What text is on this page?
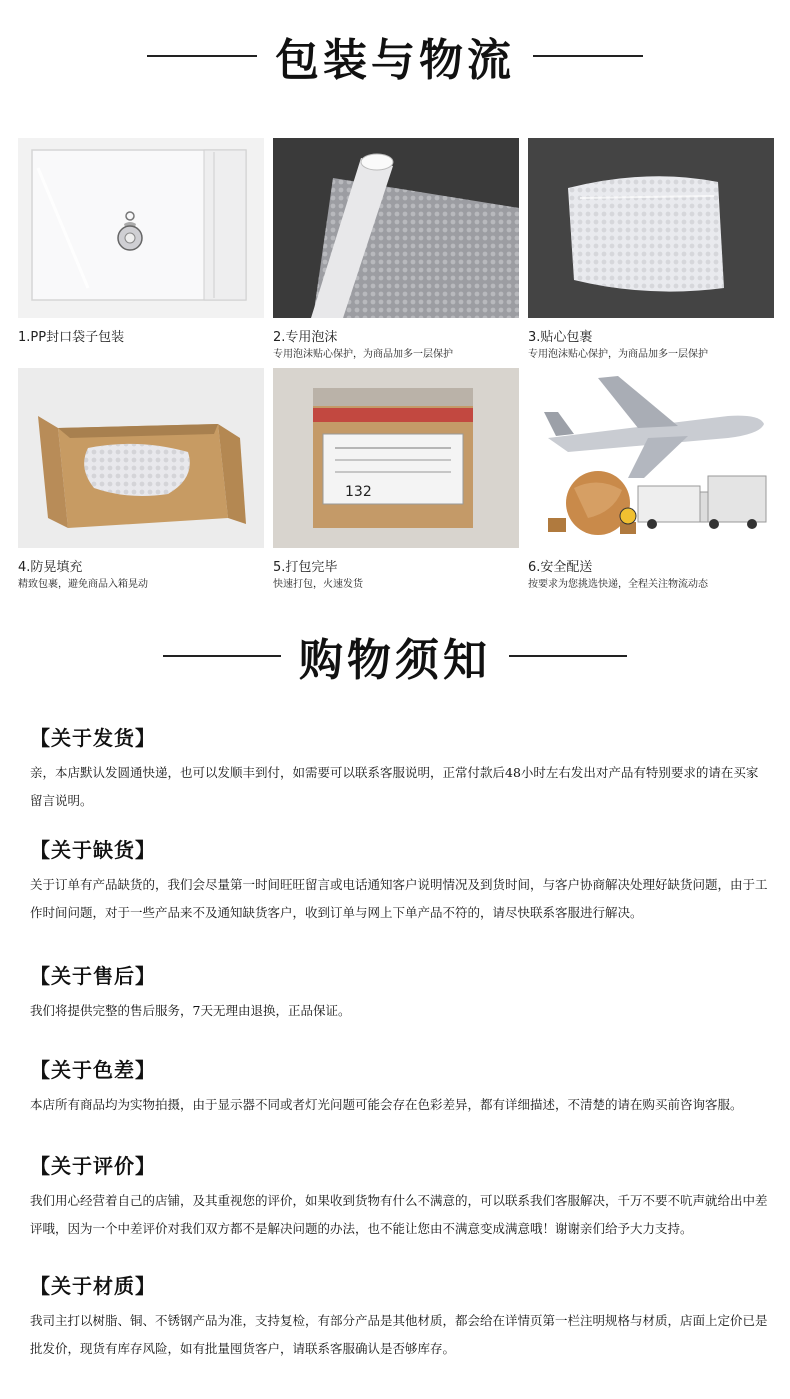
包装与物流
1.PP封口袋子包装	2.专用泡沫
专用泡沫贴心保护，为商品加多一层保护
3.贴心包裹
专用泡沫贴心保护，为商品加多一层保护
4.防晃填充
精致包裹，避免商品入箱晃动
132
5.打包完毕
快速打包，火速发货
6.安全配送
按要求为您挑选快递，全程关注物流动态
购物须知
【关于发货】

亲，本店默认发圆通快递，也可以发顺丰到付，如需要可以联系客服说明，正常付款后48小时左右发出对产品有特别要求的请在买家留言说明。

【关于缺货】

关于订单有产品缺货的，我们会尽量第一时间旺旺留言或电话通知客户说明情况及到货时间，与客户协商解决处理好缺货问题，由于工作时间问题，对于一些产品来不及通知缺货客户，收到订单与网上下单产品不符的，请尽快联系客服进行解决。

【关于售后】

我们将提供完整的售后服务，7天无理由退换，正品保证。

【关于色差】

本店所有商品均为实物拍摄，由于显示器不同或者灯光问题可能会存在色彩差异，都有详细描述，不清楚的请在购买前咨询客服。

【关于评价】

我们用心经营着自己的店铺，及其重视您的评价，如果收到货物有什么不满意的，可以联系我们客服解决，千万不要不吭声就给出中差评哦，因为一个中差评价对我们双方都不是解决问题的办法，也不能让您由不满意变成满意哦！谢谢亲们给予大力支持。

【关于材质】

我司主打以树脂、铜、不锈钢产品为准，支持复检，有部分产品是其他材质，都会给在详情页第一栏注明规格与材质，店面上定价已是批发价，现货有库存风险，如有批量囤货客户，请联系客服确认是否够库存。
